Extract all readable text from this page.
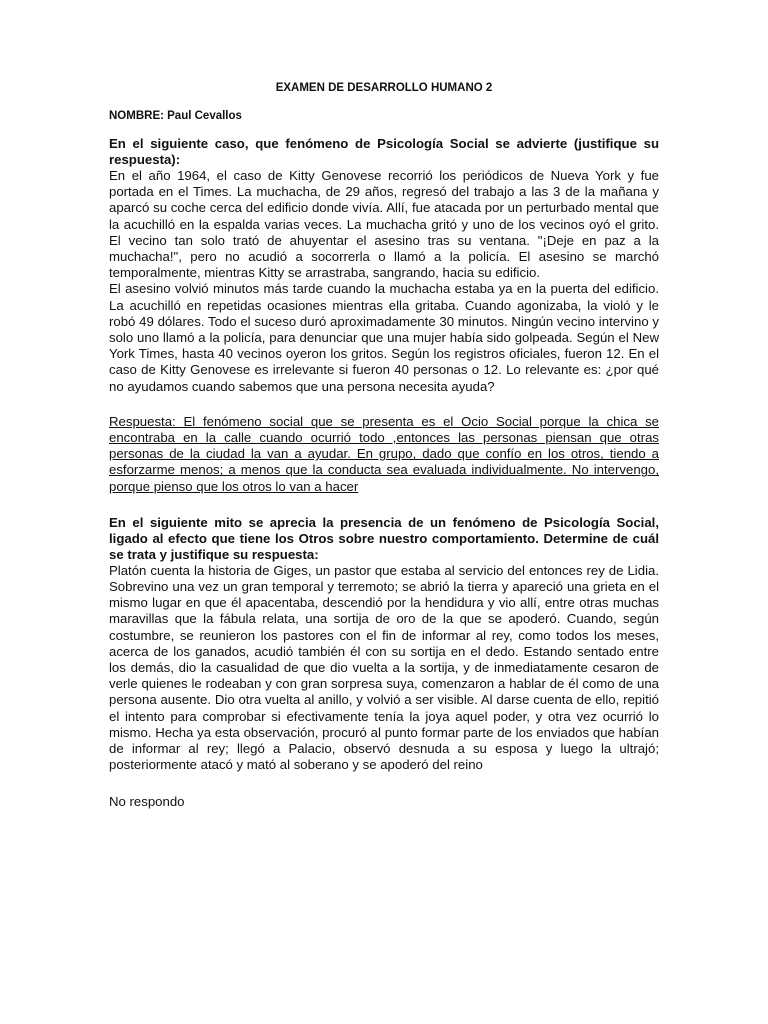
EXAMEN DE DESARROLLO HUMANO 2
NOMBRE: Paul Cevallos
En el siguiente caso, que fenómeno de Psicología Social se advierte (justifique su respuesta):
En el año 1964, el caso de Kitty Genovese recorrió los periódicos de Nueva York y fue portada en el Times. La muchacha, de 29 años, regresó del trabajo a las 3 de la mañana y aparcó su coche cerca del edificio donde vivía. Allí, fue atacada por un perturbado mental que la acuchilló en la espalda varias veces. La muchacha gritó y uno de los vecinos oyó el grito. El vecino tan solo trató de ahuyentar el asesino tras su ventana. "¡Deje en paz a la muchacha!", pero no acudió a socorrerla o llamó a la policía. El asesino se marchó temporalmente, mientras Kitty se arrastraba, sangrando, hacia su edificio.
El asesino volvió minutos más tarde cuando la muchacha estaba ya en la puerta del edificio. La acuchilló en repetidas ocasiones mientras ella gritaba. Cuando agonizaba, la violó y le robó 49 dólares. Todo el suceso duró aproximadamente 30 minutos. Ningún vecino intervino y solo uno llamó a la policía, para denunciar que una mujer había sido golpeada. Según el New York Times, hasta 40 vecinos oyeron los gritos. Según los registros oficiales, fueron 12. En el caso de Kitty Genovese es irrelevante si fueron 40 personas o 12. Lo relevante es: ¿por qué no ayudamos cuando sabemos que una persona necesita ayuda?
Respuesta: El fenómeno social que se presenta es el Ocio Social porque la chica se encontraba en la calle cuando ocurrió todo ,entonces las personas piensan que otras personas de la ciudad la van a ayudar. En grupo, dado que confío en los otros, tiendo a esforzarme menos; a menos que la conducta sea evaluada individualmente. No intervengo, porque pienso que los otros lo van a hacer
En el siguiente mito se aprecia la presencia de un fenómeno de Psicología Social, ligado al efecto que tiene los Otros sobre nuestro comportamiento. Determine de cuál se trata y justifique su respuesta:
Platón cuenta la historia de Giges, un pastor que estaba al servicio del entonces rey de Lidia. Sobrevino una vez un gran temporal y terremoto; se abrió la tierra y apareció una grieta en el mismo lugar en que él apacentaba, descendió por la hendidura y vio allí, entre otras muchas maravillas que la fábula relata, una sortija de oro de la que se apoderó. Cuando, según costumbre, se reunieron los pastores con el fin de informar al rey, como todos los meses, acerca de los ganados, acudió también él con su sortija en el dedo. Estando sentado entre los demás, dio la casualidad de que dio vuelta a la sortija, y de inmediatamente cesaron de verle quienes le rodeaban y con gran sorpresa suya, comenzaron a hablar de él como de una persona ausente. Dio otra vuelta al anillo, y volvió a ser visible. Al darse cuenta de ello, repitió el intento para comprobar si efectivamente tenía la joya aquel poder, y otra vez ocurrió lo mismo. Hecha ya esta observación, procuró al punto formar parte de los enviados que habían de informar al rey; llegó a Palacio, observó desnuda a su esposa y luego la ultrajó; posteriormente atacó y mató al soberano y se apoderó del reino
No respondo
